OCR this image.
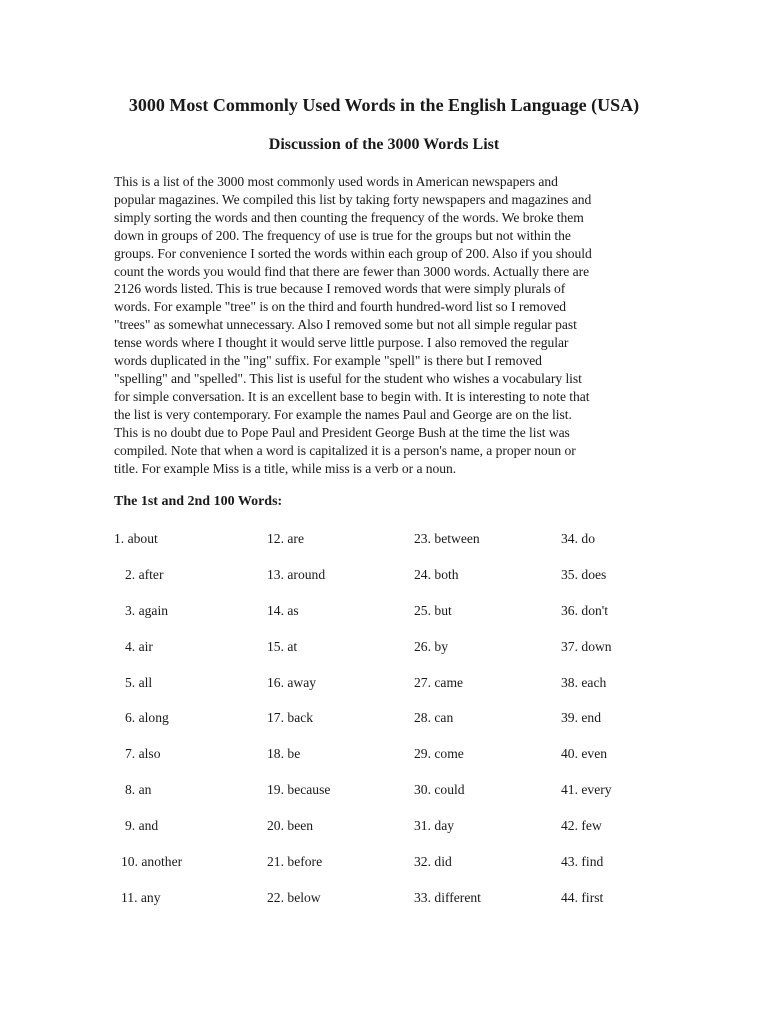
3000 Most Commonly Used Words in the English Language (USA)
Discussion of the 3000 Words List

This is a list of the 3000 most commonly used words in American newspapers and
popular magazines. We compiled this list by taking forty newspapers and magazines and
simply sorting the words and then counting the frequency of the words. We broke them
down in groups of 200. The frequency of use is true for the groups but not within the
groups. For convenience I sorted the words within each group of 200. Also if you should
count the words you would find that there are fewer than 3000 words. Actually there are
2126 words listed. This is true because I removed words that were simply plurals of
words. For example "tree" is on the third and fourth hundred-word list so I removed
"trees" as somewhat unnecessary. Also I removed some but not all simple regular past
tense words where I thought it would serve little purpose. I also removed the regular
words duplicated in the "ing" suffix. For example "spell" is there but I removed
"spelling" and "spelled". This list is useful for the student who wishes a vocabulary list
for simple conversation. It is an excellent base to begin with. It is interesting to note that
the list is very contemporary. For example the names Paul and George are on the list.
This is no doubt due to Pope Paul and President George Bush at the time the list was
compiled. Note that when a word is capitalized it is a person's name, a proper noun or
title. For example Miss is a title, while miss is a verb or a noun.

The 1st and 2nd 100 Words:
1. about
2. after
3. again
4. air
5. all
6. along
7. also
8. an
9. and
10. another
11. any
12. are
13. around
14. as
15. at
16. away
17. back
18. be
19. because
20. been
21. before
22. below
23. between
24. both
25. but
26. by
27. came
28. can
29. come
30. could
31. day
32. did
33. different
34. do
35. does
36. don't
37. down
38. each
39. end
40. even
41. every
42. few
43. find
44. first
